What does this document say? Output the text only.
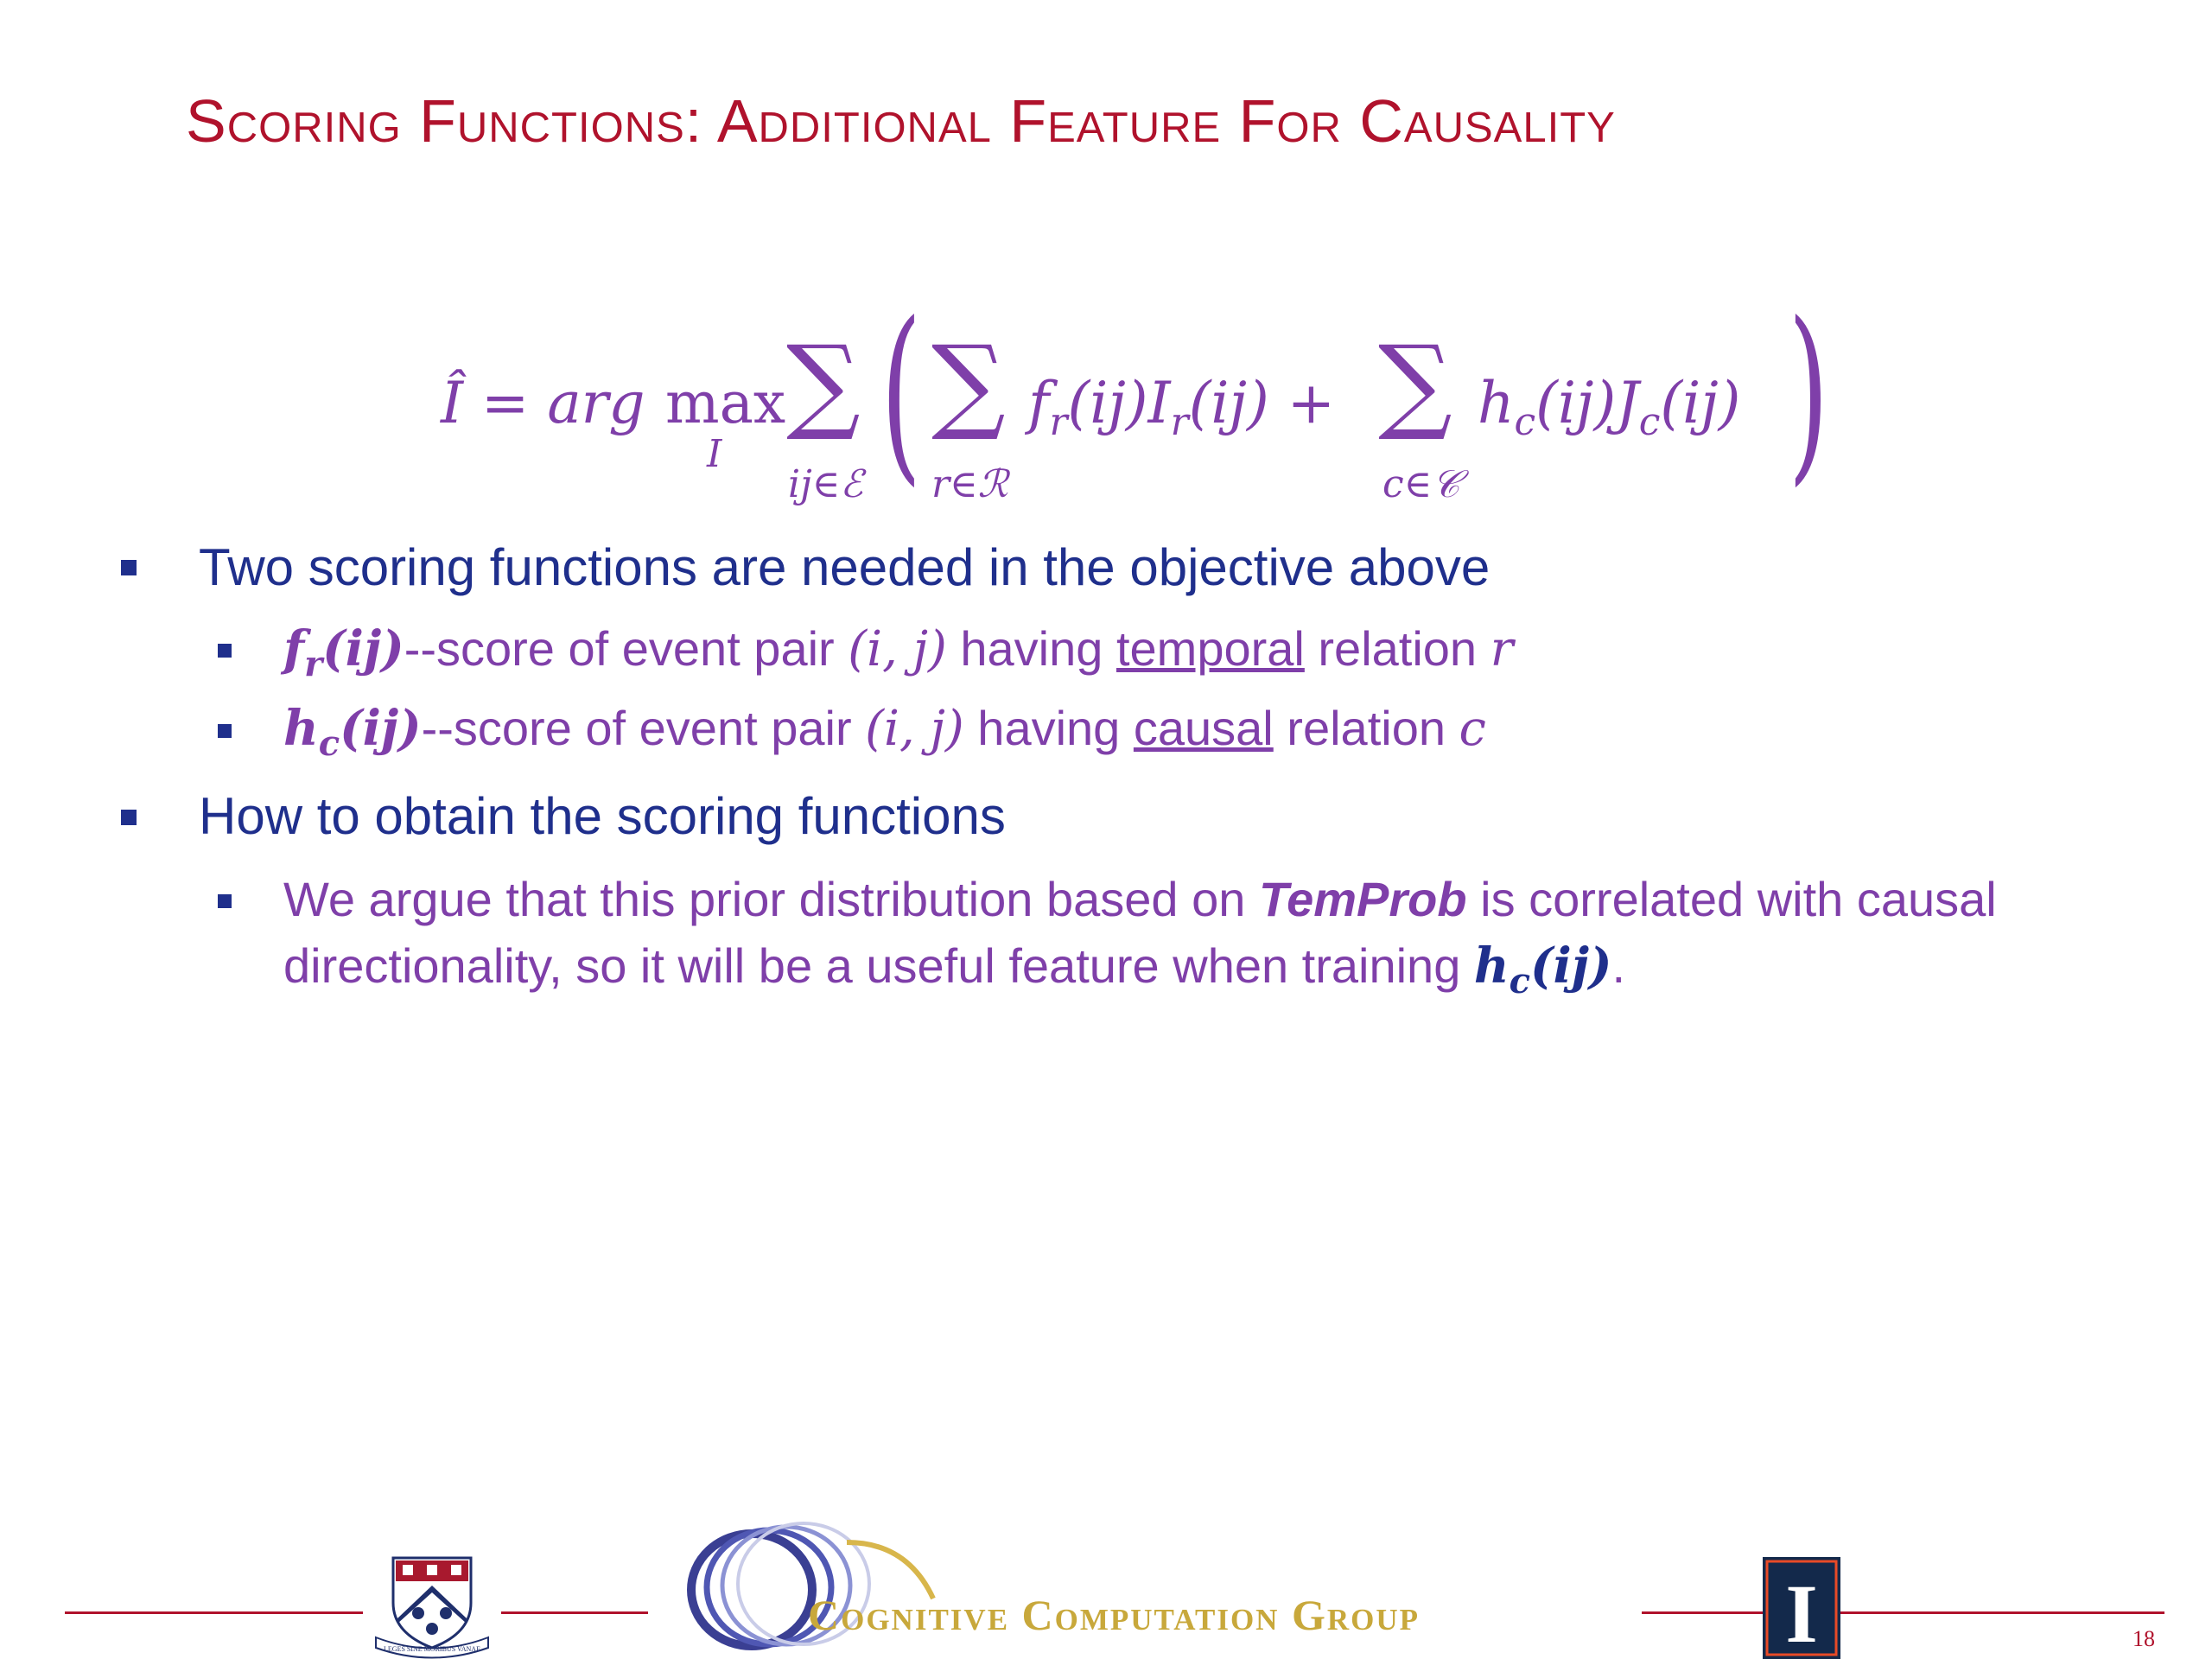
Scoring Functions: Additional Feature For Causality
Î = arg max
I
∑
ij∈ℰ ( ∑
r∈ℛ
$f_r(ij)I_r(ij)$ + ∑
c∈𝒞
$h_c(ij)J_c(ij)$ )
Two scoring functions are needed in the objective above
$f_r(ij)-$-score of event pair (i, j) having temporal relation r
$h_c(ij)-$-score of event pair (i, j) having causal relation c
How to obtain the scoring functions
We argue that this prior distribution based on TemProb is correlated with causal
directionality, so it will be a useful feature when training $h_c(ij)$.
LEGES SINE MORIBUS VANAE
Cognitive Computation Group	I	18
